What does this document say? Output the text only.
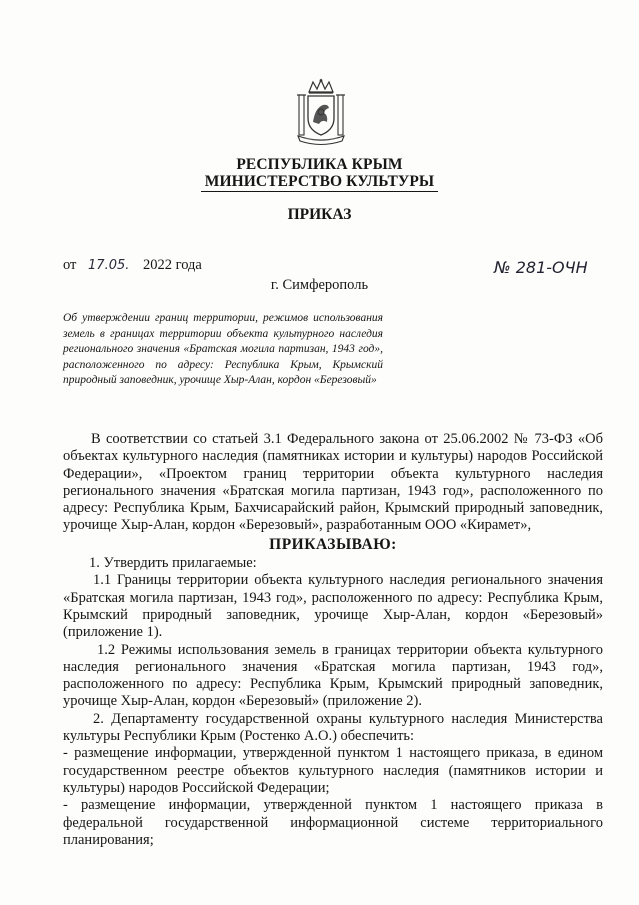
РЕСПУБЛИКА КРЫМ
МИНИСТЕРСТВО КУЛЬТУРЫ
ПРИКАЗ
от 17.05. 2022 года	№ 281-ОЧН
г. Симферополь
Об утверждении границ территории, режимов использования земель в границах территории объекта культурного наследия регионального значения «Братская могила партизан, 1943 год», расположенного по адресу: Республика Крым, Крымский природный заповедник, урочище Хыр-Алан, кордон «Березовый»

В соответствии со статьей 3.1 Федерального закона от 25.06.2002 № 73-ФЗ «Об объектах культурного наследия (памятниках истории и культуры) народов Российской Федерации», «Проектом границ территории объекта культурного наследия регионального значения «Братская могила партизан, 1943 год», расположенного по адресу: Республика Крым, Бахчисарайский район, Крымский природный заповедник, урочище Хыр-Алан, кордон «Березовый», разработанным ООО «Кирамет»,

ПРИКАЗЫВАЮ:

1. Утвердить прилагаемые:

1.1 Границы территории объекта культурного наследия регионального значения «Братская могила партизан, 1943 год», расположенного по адресу: Республика Крым, Крымский природный заповедник, урочище Хыр-Алан, кордон «Березовый» (приложение 1).

1.2 Режимы использования земель в границах территории объекта культурного наследия регионального значения «Братская могила партизан, 1943 год», расположенного по адресу: Республика Крым, Крымский природный заповедник, урочище Хыр-Алан, кордон «Березовый» (приложение 2).

2. Департаменту государственной охраны культурного наследия Министерства культуры Республики Крым (Ростенко А.О.) обеспечить:

- размещение информации, утвержденной пунктом 1 настоящего приказа, в едином государственном реестре объектов культурного наследия (памятников истории и культуры) народов Российской Федерации;

- размещение информации, утвержденной пунктом 1 настоящего приказа в федеральной государственной информационной системе территориального планирования;
